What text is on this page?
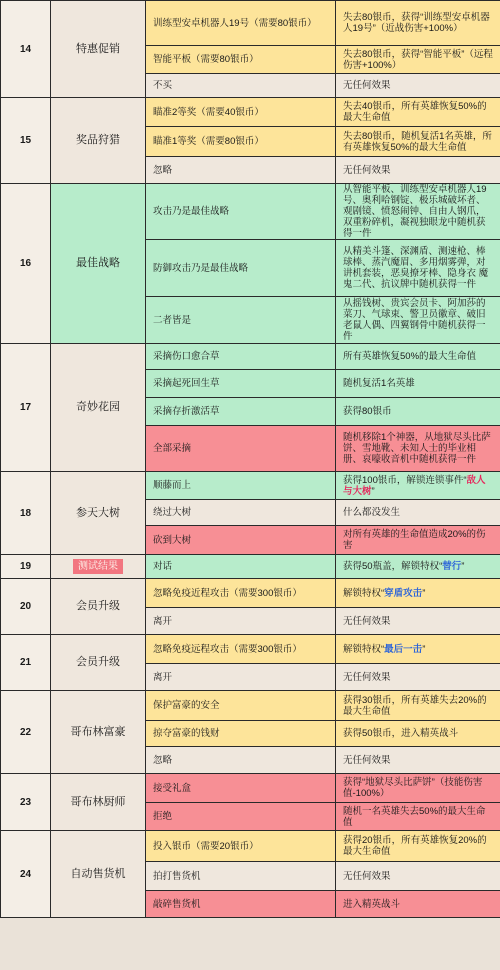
14	特惠促销	训练型安卓机器人19号（需要80银币）	失去80银币，获得“训练型安卓机器人19号”（近战伤害+100%）
		智能平板（需要80银币）	失去80银币，获得“智能平板”（远程伤害+100%）
		不买	无任何效果
15	奖品狩猎	瞄准2等奖（需要40银币）	失去40银币，所有英雄恢复50%的最大生命值
		瞄准1等奖（需要80银币）	失去80银币，随机复活1名英雄，所有英雄恢复50%的最大生命值
		忽略	无任何效果
16	最佳战略	攻击乃是最佳战略	从智能平板、训练型安卓机器人19号、奥利哈钢锭、极乐城破坏者、观剧镜、愤怒闹钟、自由人钢爪，双重粉碎机，凝视独眼龙中随机获得一件
		防御攻击乃是最佳战略	从精美斗篷、深渊盾、测速枪、棒球棒、蒸汽魔眉、多用烟雾弹，对讲机套装，恶臭撩牙棒、隐身衣 魔鬼二代、抗议牌中随机获得一件
		二者皆是	从摇钱树、贵宾会员卡、阿加莎的菜刀、气球束、警卫员徽章、破旧老鼠人偶、四翼钢骨中随机获得一件
17	奇妙花园	采摘伤口愈合草	所有英雄恢复50%的最大生命值
		采摘起死回生草	随机复活1名英雄
		采摘存折激活草	获得80银币
		全部采摘	随机移除1个神器，从地狱尽头比萨饼、雪地靴、未知人士的毕业相册、哀嚎收音机中随机获得一件
18	参天大树	顺藤而上	获得100银币，解锁连锁事件“敌人与大树”
		绕过大树	什么都没发生
		砍到大树	对所有英雄的生命值造成20%的伤害
19	测试结果	对话	获得50瓶盖，解锁特权“替行”
20	会员升级	忽略免疫近程攻击（需要300银币）	解锁特权“穿盾攻击”
		离开	无任何效果
21	会员升级	忽略免疫远程攻击（需要300银币）	解锁特权“最后一击”
		离开	无任何效果
22	哥布林富豪	保护富豪的安全	获得30银币，所有英雄失去20%的最大生命值
		掠夺富豪的钱财	获得50银币，进入精英战斗
		忽略	无任何效果
23	哥布林厨师	接受礼盒	获得“地狱尽头比萨饼”（技能伤害值-100%）
		拒绝	随机一名英雄失去50%的最大生命值
24	自动售货机	投入银币（需要20银币）	获得20银币，所有英雄恢复20%的最大生命值
		拍打售货机	无任何效果
		敲碎售货机	进入精英战斗
